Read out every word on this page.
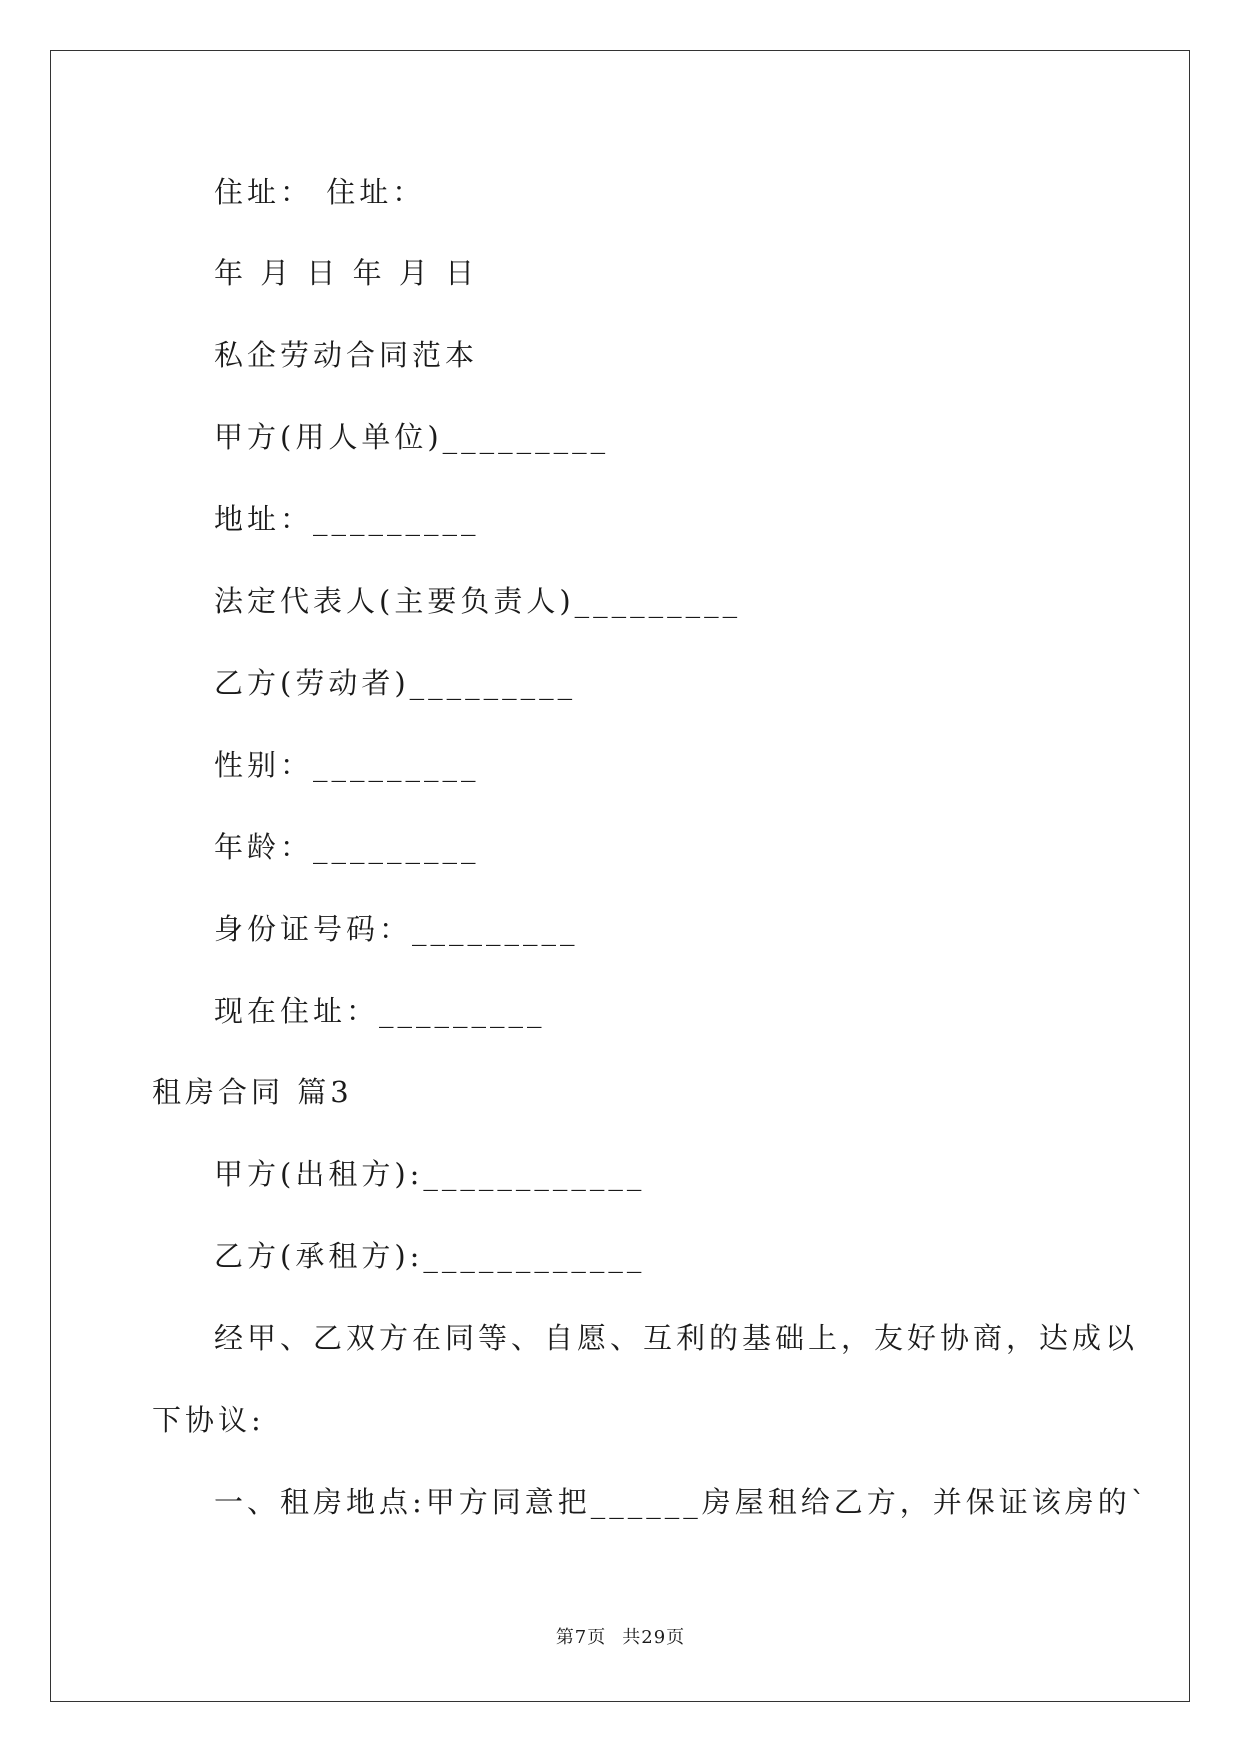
住址： 住址：
年 月 日 年 月 日
私企劳动合同范本
甲方(用人单位)_________
地址：_________
法定代表人(主要负责人)_________
乙方(劳动者)_________
性别：_________
年龄：_________
身份证号码：_________
现在住址：_________
租房合同 篇3
甲方(出租方):____________
乙方(承租方):____________
经甲、乙双方在同等、自愿、互利的基础上，友好协商，达成以
下协议:
一、租房地点:甲方同意把______房屋租给乙方，并保证该房的`
第7页 共29页
